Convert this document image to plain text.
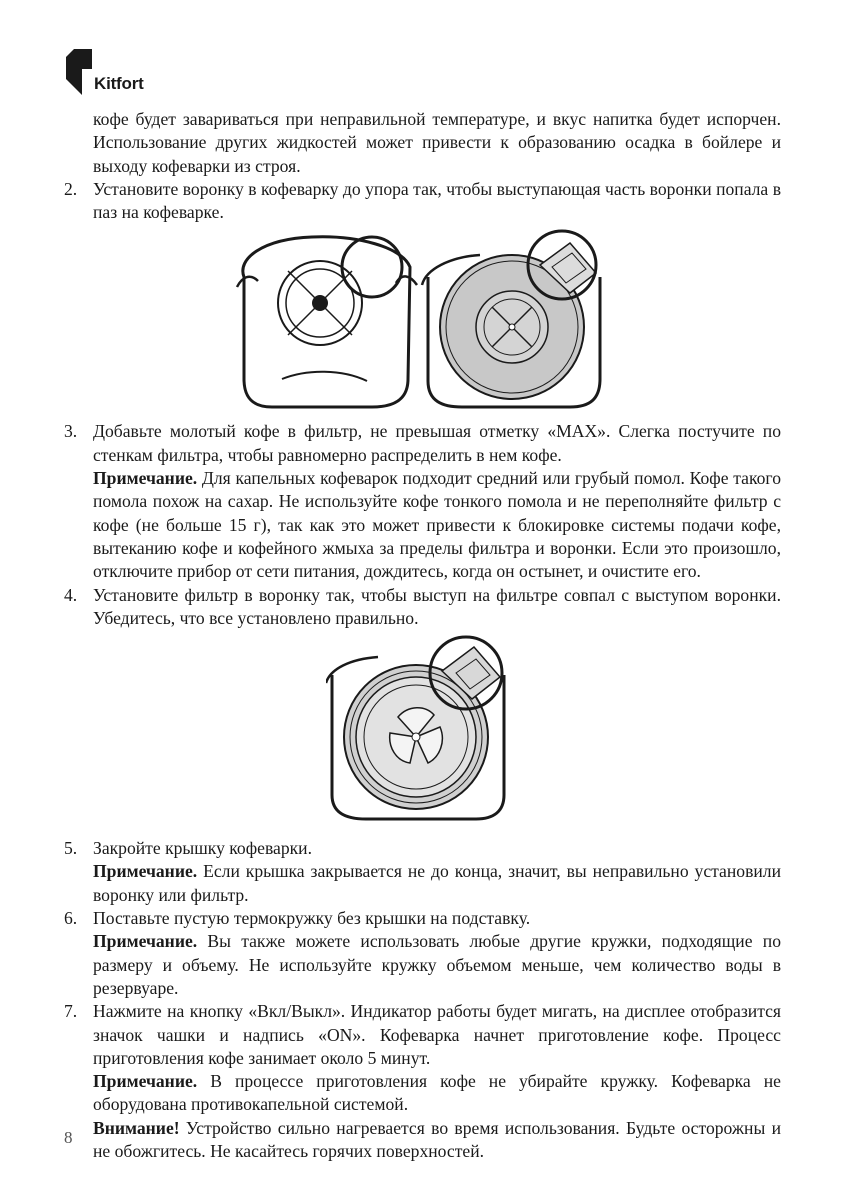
Kitfort

кофе будет завариваться при неправильной температуре, и вкус напитка будет испорчен. Использование других жидкостей может привести к образованию осадка в бойлере и выходу кофеварки из строя.

2. Установите воронку в кофеварку до упора так, чтобы выступающая часть воронки попала в паз на кофеварке.
3. Добавьте молотый кофе в фильтр, не превышая отметку «MAX». Слегка постучите по стенкам фильтра, чтобы равномерно распределить в нем кофе.

Примечание. Для капельных кофеварок подходит средний или грубый помол. Кофе такого помола похож на сахар. Не используйте кофе тонкого помола и не переполняйте фильтр с кофе (не больше 15 г), так как это может привести к блокировке системы подачи кофе, вытеканию кофе и кофейного жмыха за пределы фильтра и воронки. Если это произошло, отключите прибор от сети питания, дождитесь, когда он остынет, и очистите его.

4. Установите фильтр в воронку так, чтобы выступ на фильтре совпал с выступом воронки. Убедитесь, что все установлено правильно.
5. Закройте крышку кофеварки.

Примечание. Если крышка закрывается не до конца, значит, вы неправильно установили воронку или фильтр.

6. Поставьте пустую термокружку без крышки на подставку.

Примечание. Вы также можете использовать любые другие кружки, подходящие по размеру и объему. Не используйте кружку объемом меньше, чем количество воды в резервуаре.

7. Нажмите на кнопку «Вкл/Выкл». Индикатор работы будет мигать, на дисплее отобразится значок чашки и надпись «ON». Кофеварка начнет приготовление кофе. Процесс приготовления кофе занимает около 5 минут.

Примечание. В процессе приготовления кофе не убирайте кружку. Кофеварка не оборудована противокапельной системой.

Внимание! Устройство сильно нагревается во время использования. Будьте осторожны и не обожгитесь. Не касайтесь горячих поверхностей.

8
